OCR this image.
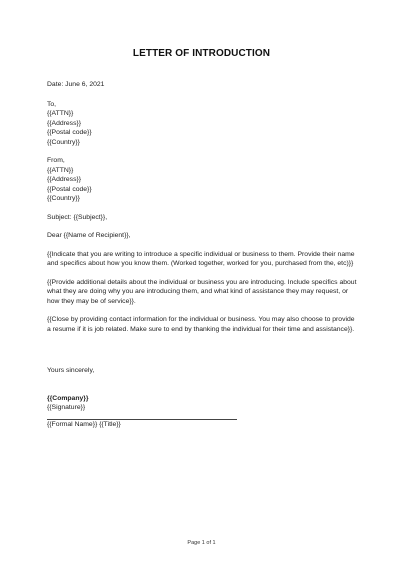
LETTER OF INTRODUCTION
Date: June 6, 2021
To,
{{ATTN}}
{{Address}}
{{Postal code}}
{{Country}}
From,
{{ATTN}}
{{Address}}
{{Postal code}}
{{Country}}
Subject: {{Subject}},
Dear {{Name of Recipient}},
{{Indicate that you are writing to introduce a specific individual or business to them. Provide their name and specifics about how you know them. (Worked together, worked for you, purchased from the, etc)}}
{{Provide additional details about the individual or business you are introducing. Include specifics about what they are doing why you are introducing them, and what kind of assistance they may request, or how they may be of service}}.
{{Close by providing contact information for the individual or business. You may also choose to provide a resume if it is job related. Make sure to end by thanking the individual for their time and assistance}}.
Yours sincerely,
{{Company}}
{{Signature}}
{{Formal Name}} {{Title}}
Page 1 of 1
